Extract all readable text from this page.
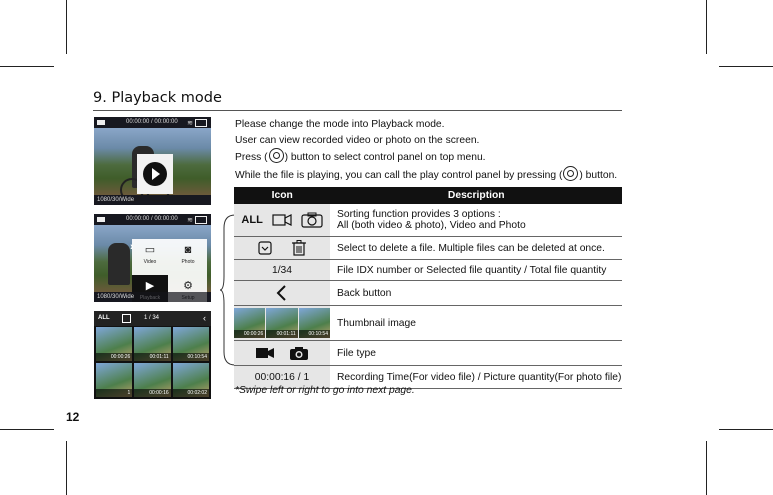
9. Playback mode
Please change the mode into Playback mode.
User can view recorded video or photo on the screen.
Press ( ) button to select control panel on top menu.
While the file is playing, you can call the play control panel by pressing ( ) button.
00:00:00 / 00:00:00 ≋
1080/30/Wide
▭
Video
◙
Photo
▶	⚙
›
00:00:00 / 00:00:00 ≋
1080/30/Wide
ALL	1 / 34	‹
00:00:26	00:01:11	00:10:54
1	00:00:16	00:02:02
Icon	Description
ALL	Sorting function provides 3 options :
All (both video & photo), Video and Photo

	Select to delete a file. Multiple files can be deleted at once.
1/34	File IDX number or Selected file quantity / Total file quantity
	Back button

00:00:26 00:01:11 00:10:54	Thumbnail image
	File type
00:00:16 / 1	Recording Time(For video file) / Picture quantity(For photo file)
*Swipe left or right to go into next page.
12
